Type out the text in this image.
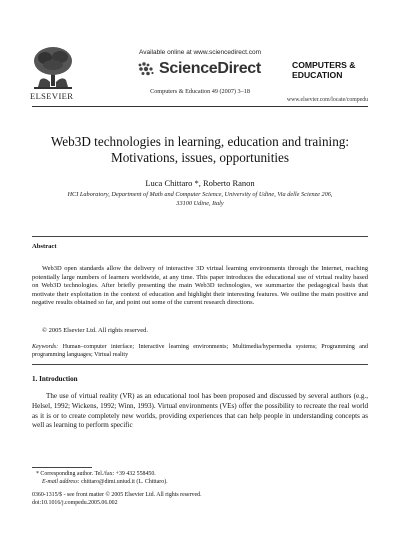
ELSEVIER
Available online at www.sciencedirect.com
ScienceDirect
Computers & Education 49 (2007) 3–18
COMPUTERS &
EDUCATION
www.elsevier.com/locate/compedu
Web3D technologies in learning, education and training:
Motivations, issues, opportunities
Luca Chittaro *, Roberto Ranon
HCI Laboratory, Department of Math and Computer Science, University of Udine, Via delle Scienze 206,
33100 Udine, Italy
Abstract

Web3D open standards allow the delivery of interactive 3D virtual learning environments through the Internet, reaching potentially large numbers of learners worldwide, at any time. This paper introduces the educational use of virtual reality based on Web3D technologies. After briefly presenting the main Web3D technologies, we summarize the pedagogical basis that motivate their exploitation in the context of education and highlight their interesting features. We outline the main positive and negative results obtained so far, and point out some of the current research directions.

© 2005 Elsevier Ltd. All rights reserved.
Keywords: Human–computer interface; Interactive learning environments; Multimedia/hypermedia systems; Programming and programming languages; Virtual reality
1. Introduction

The use of virtual reality (VR) as an educational tool has been proposed and discussed by several authors (e.g., Helsel, 1992; Wickens, 1992; Winn, 1993). Virtual environments (VEs) offer the possibility to recreate the real world as it is or to create completely new worlds, providing experiences that can help people in understanding concepts as well as learning to perform specific

* Corresponding author. Tel./fax: +39 432 558450.
E-mail address: chittaro@dimi.uniud.it (L. Chittaro).
0360-1315/$ - see front matter © 2005 Elsevier Ltd. All rights reserved.
doi:10.1016/j.compedu.2005.06.002
